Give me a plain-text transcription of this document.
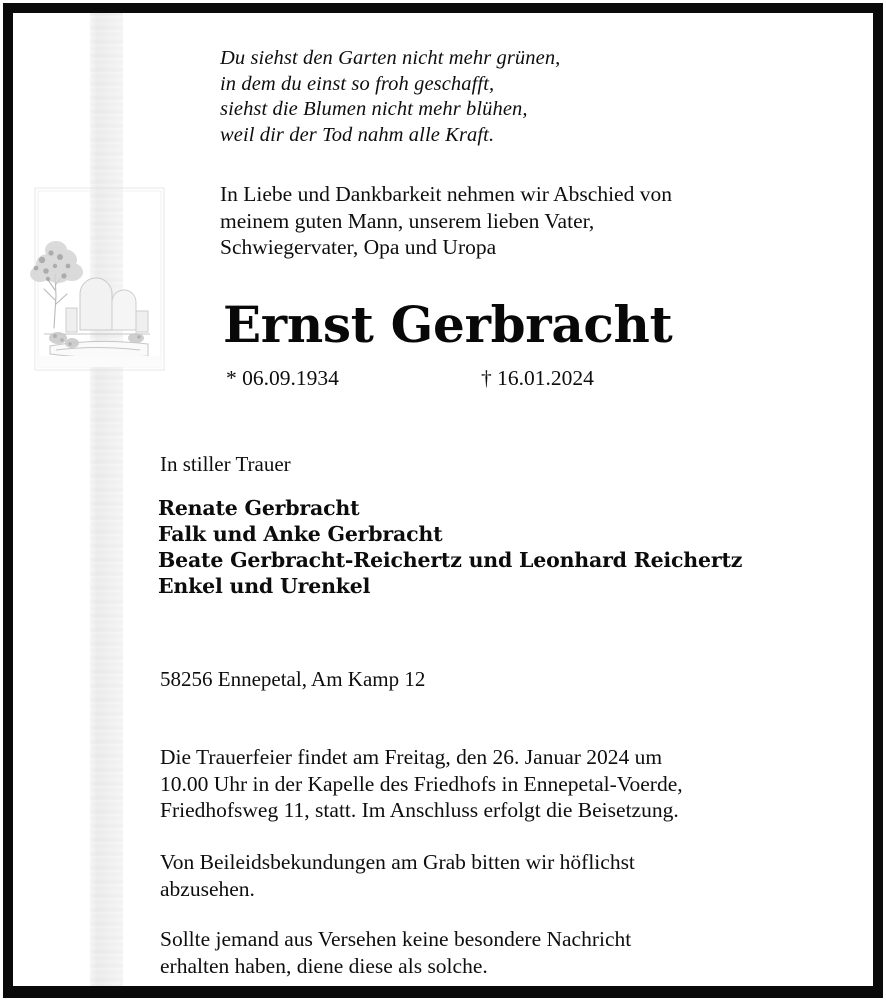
Du siehst den Garten nicht mehr grünen,
in dem du einst so froh geschafft,
siehst die Blumen nicht mehr blühen,
weil dir der Tod nahm alle Kraft.
In Liebe und Dankbarkeit nehmen wir Abschied von
meinem guten Mann, unserem lieben Vater,
Schwiegervater, Opa und Uropa
Ernst Gerbracht
* 06.09.1934	† 16.01.2024
In stiller Trauer
Renate Gerbracht
Falk und Anke Gerbracht
Beate Gerbracht-Reichertz und Leonhard Reichertz
Enkel und Urenkel
58256 Ennepetal, Am Kamp 12
Die Trauerfeier findet am Freitag, den 26. Januar 2024 um
10.00 Uhr in der Kapelle des Friedhofs in Ennepetal-Voerde,
Friedhofsweg 11, statt. Im Anschluss erfolgt die Beisetzung.
Von Beileidsbekundungen am Grab bitten wir höflichst
abzusehen.
Sollte jemand aus Versehen keine besondere Nachricht
erhalten haben, diene diese als solche.
